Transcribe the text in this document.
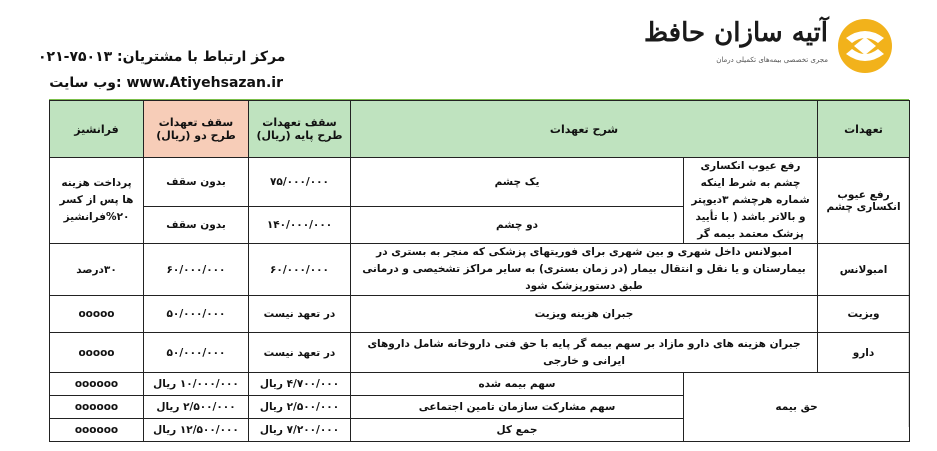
مرکز ارتباط با مشتریان: ۷۵۰۱۳-۰۲۱
وب سایت: www.Atiyehsazan.ir
آتیه سازان حافظ
مجری تخصصی بیمه‌های تکمیلی درمان
تعهدات	شرح تعهدات		سقف تعهدات طرح پایه (ریال)	سقف تعهدات طرح دو (ریال)	فرانشیز
رفع عیوب انکساری چشم	رفع عیوب انکساری چشم به شرط اینکه شماره هرچشم ۳دیوپتر و بالاتر باشد ( با تأیید پزشک معتمد بیمه گر	یک چشم	۷۵/۰۰۰/۰۰۰	بدون سقف	پرداخت هزینه ها پس از کسر ۲۰%فرانشیز
		دو چشم	۱۴۰/۰۰۰/۰۰۰	بدون سقف	
امبولانس	امبولانس داخل شهری و بین شهری برای فوریتهای پزشکی که منجر به بستری در بیمارستان و یا نقل و انتقال بیمار (در زمان بستری) به سایر مراکز تشخیصی و درمانی طبق دستورپزشک شود		۶۰/۰۰۰/۰۰۰	۶۰/۰۰۰/۰۰۰	۳۰درصد
ویزیت	جبران هزینه ویزیت		در تعهد نیست	۵۰/۰۰۰/۰۰۰	ooooo
دارو	جبران هزینه های دارو مازاد بر سهم بیمه گر پایه با حق فنی داروخانه شامل داروهای ایرانی و خارجی		در تعهد نیست	۵۰/۰۰۰/۰۰۰	ooooo
حق بیمه		سهم بیمه شده	۴/۷۰۰/۰۰۰ ریال	۱۰/۰۰۰/۰۰۰ ریال	oooooo
		سهم مشارکت سازمان تامین اجتماعی	۲/۵۰۰/۰۰۰ ریال	۲/۵۰۰/۰۰۰ ریال	oooooo
		جمع کل	۷/۲۰۰/۰۰۰ ریال	۱۲/۵۰۰/۰۰۰ ریال	oooooo
